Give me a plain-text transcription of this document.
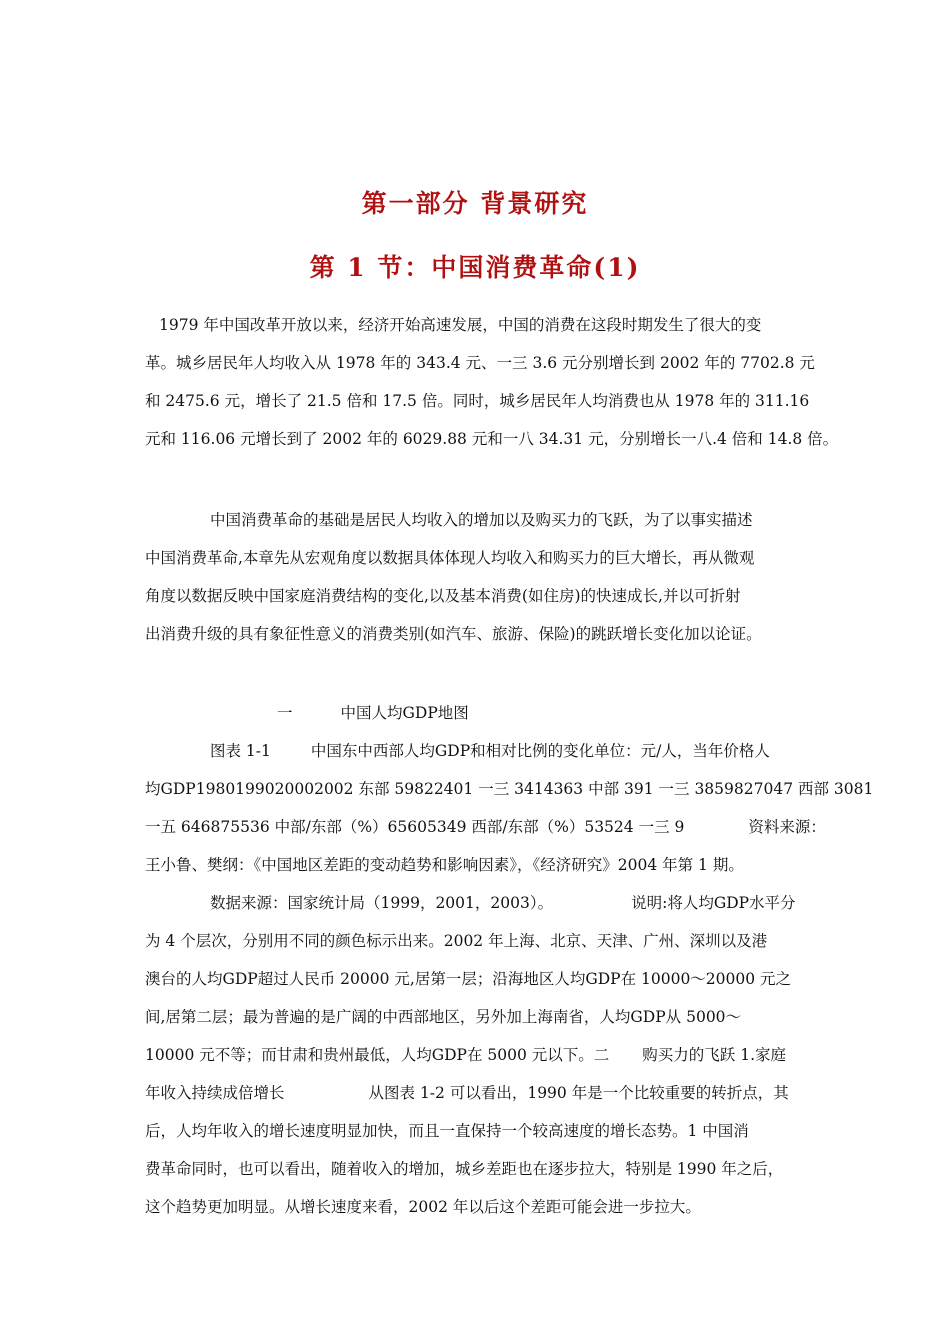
第一部分 背景研究
第 1 节：中国消费革命(1)
1979 年中国改革开放以来，经济开始高速发展，中国的消费在这段时期发生了很大的变
革。城乡居民年人均收入从 1978 年的 343.4 元、一三 3.6 元分别增长到 2002 年的 7702.8 元
和 2475.6 元，增长了 21.5 倍和 17.5 倍。同时，城乡居民年人均消费也从 1978 年的 311.16
元和 116.06 元增长到了 2002 年的 6029.88 元和一八 34.31 元，分别增长一八.4 倍和 14.8 倍。
中国消费革命的基础是居民人均收入的增加以及购买力的飞跃，为了以事实描述
中国消费革命,本章先从宏观角度以数据具体体现人均收入和购买力的巨大增长，再从微观
角度以数据反映中国家庭消费结构的变化,以及基本消费(如住房)的快速成长,并以可折射
出消费升级的具有象征性意义的消费类别(如汽车、旅游、保险)的跳跃增长变化加以论证。
一	中国人均GDP地图
图表 1-1	中国东中西部人均GDP和相对比例的变化单位：元/人，当年价格人
均GDP1980199020002002 东部 59822401 一三 3414363 中部 391 一三 3859827047 西部 3081
一五 646875536 中部/东部（%）65605349 西部/东部（%）53524 一三 9	资料来源：
王小鲁、樊纲：《中国地区差距的变动趋势和影响因素》，《经济研究》2004 年第 1 期。
数据来源：国家统计局（1999，2001，2003）。	说明:将人均GDP水平分
为 4 个层次，分别用不同的颜色标示出来。2002 年上海、北京、天津、广州、深圳以及港
澳台的人均GDP超过人民币 20000 元,居第一层；沿海地区人均GDP在 10000～20000 元之
间,居第二层；最为普遍的是广阔的中西部地区，另外加上海南省，人均GDP从 5000～
10000 元不等；而甘肃和贵州最低，人均GDP在 5000 元以下。二 购买力的飞跃 1.家庭
年收入持续成倍增长	从图表 1-2 可以看出，1990 年是一个比较重要的转折点，其
后，人均年收入的增长速度明显加快，而且一直保持一个较高速度的增长态势。1 中国消
费革命同时，也可以看出，随着收入的增加，城乡差距也在逐步拉大，特别是 1990 年之后，
这个趋势更加明显。从增长速度来看，2002 年以后这个差距可能会进一步拉大。
